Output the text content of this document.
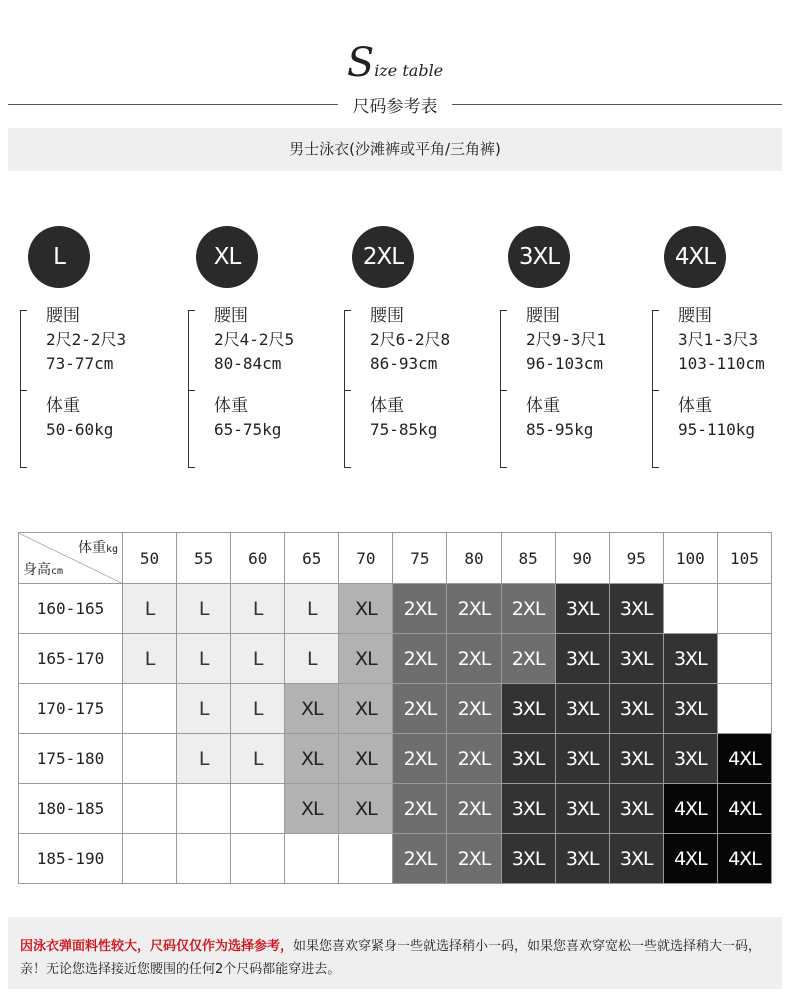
Size table
尺码参考表
男士泳衣(沙滩裤或平角/三角裤)
L	XL	2XL	3XL	4XL
腰围
2尺2-2尺3
73-77cm
体重
50-60kg
腰围
2尺4-2尺5
80-84cm
体重
65-75kg
腰围
2尺6-2尺8
86-93cm
体重
75-85kg
腰围
2尺9-3尺1
96-103cm
体重
85-95kg
腰围
3尺1-3尺3
103-110cm
体重
95-110kg
体重kg
身高cm	50	55	60	65	70	75	80	85	90	95	100	105
160-165	L	L	L	L	XL	2XL	2XL	2XL	3XL	3XL		
165-170	L	L	L	L	XL	2XL	2XL	2XL	3XL	3XL	3XL	
170-175		L	L	XL	XL	2XL	2XL	3XL	3XL	3XL	3XL	
175-180		L	L	XL	XL	2XL	2XL	3XL	3XL	3XL	3XL	4XL
180-185				XL	XL	2XL	2XL	3XL	3XL	3XL	4XL	4XL
185-190						2XL	2XL	3XL	3XL	3XL	4XL	4XL
因泳衣弹面料性较大，尺码仅仅作为选择参考，如果您喜欢穿紧身一些就选择稍小一码，如果您喜欢穿宽松一些就选择稍大一码，亲！无论您选择接近您腰围的任何2个尺码都能穿进去。
